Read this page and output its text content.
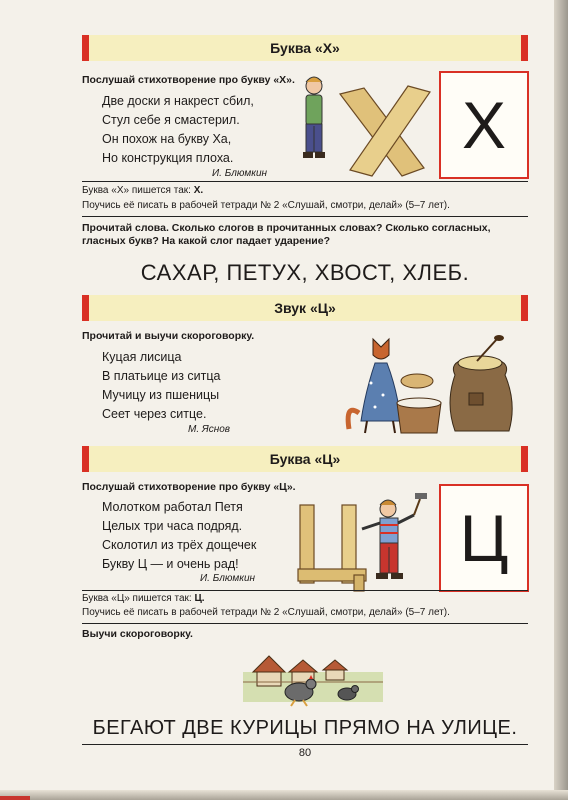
Буква «Х»
Послушай стихотворение про букву «Х».
Две доски я накрест сбил,
Стул себе я смастерил.
Он похож на букву Ха,
Но конструкция плоха.
И. Блюмкин
Х
Буква «Х» пишется так: Х.
Поучись её писать в рабочей тетради № 2 «Слушай, смотри, делай» (5–7 лет).
Прочитай слова. Сколько слогов в прочитанных словах? Сколько согласных, гласных букв? На какой слог падает ударение?
САХАР, ПЕТУХ, ХВОСТ, ХЛЕБ.
Звук «Ц»
Прочитай и выучи скороговорку.
Куцая лисица
В платьице из ситца
Мучицу из пшеницы
Сеет через ситце.
М. Яснов
Буква «Ц»
Послушай стихотворение про букву «Ц».
Молотком работал Петя
Целых три часа подряд.
Сколотил из трёх дощечек
Букву Ц — и очень рад!
И. Блюмкин
Ц
Буква «Ц» пишется так: Ц.
Поучись её писать в рабочей тетради № 2 «Слушай, смотри, делай» (5–7 лет).
Выучи скороговорку.
БЕГАЮТ ДВЕ КУРИЦЫ ПРЯМО НА УЛИЦЕ.
80
